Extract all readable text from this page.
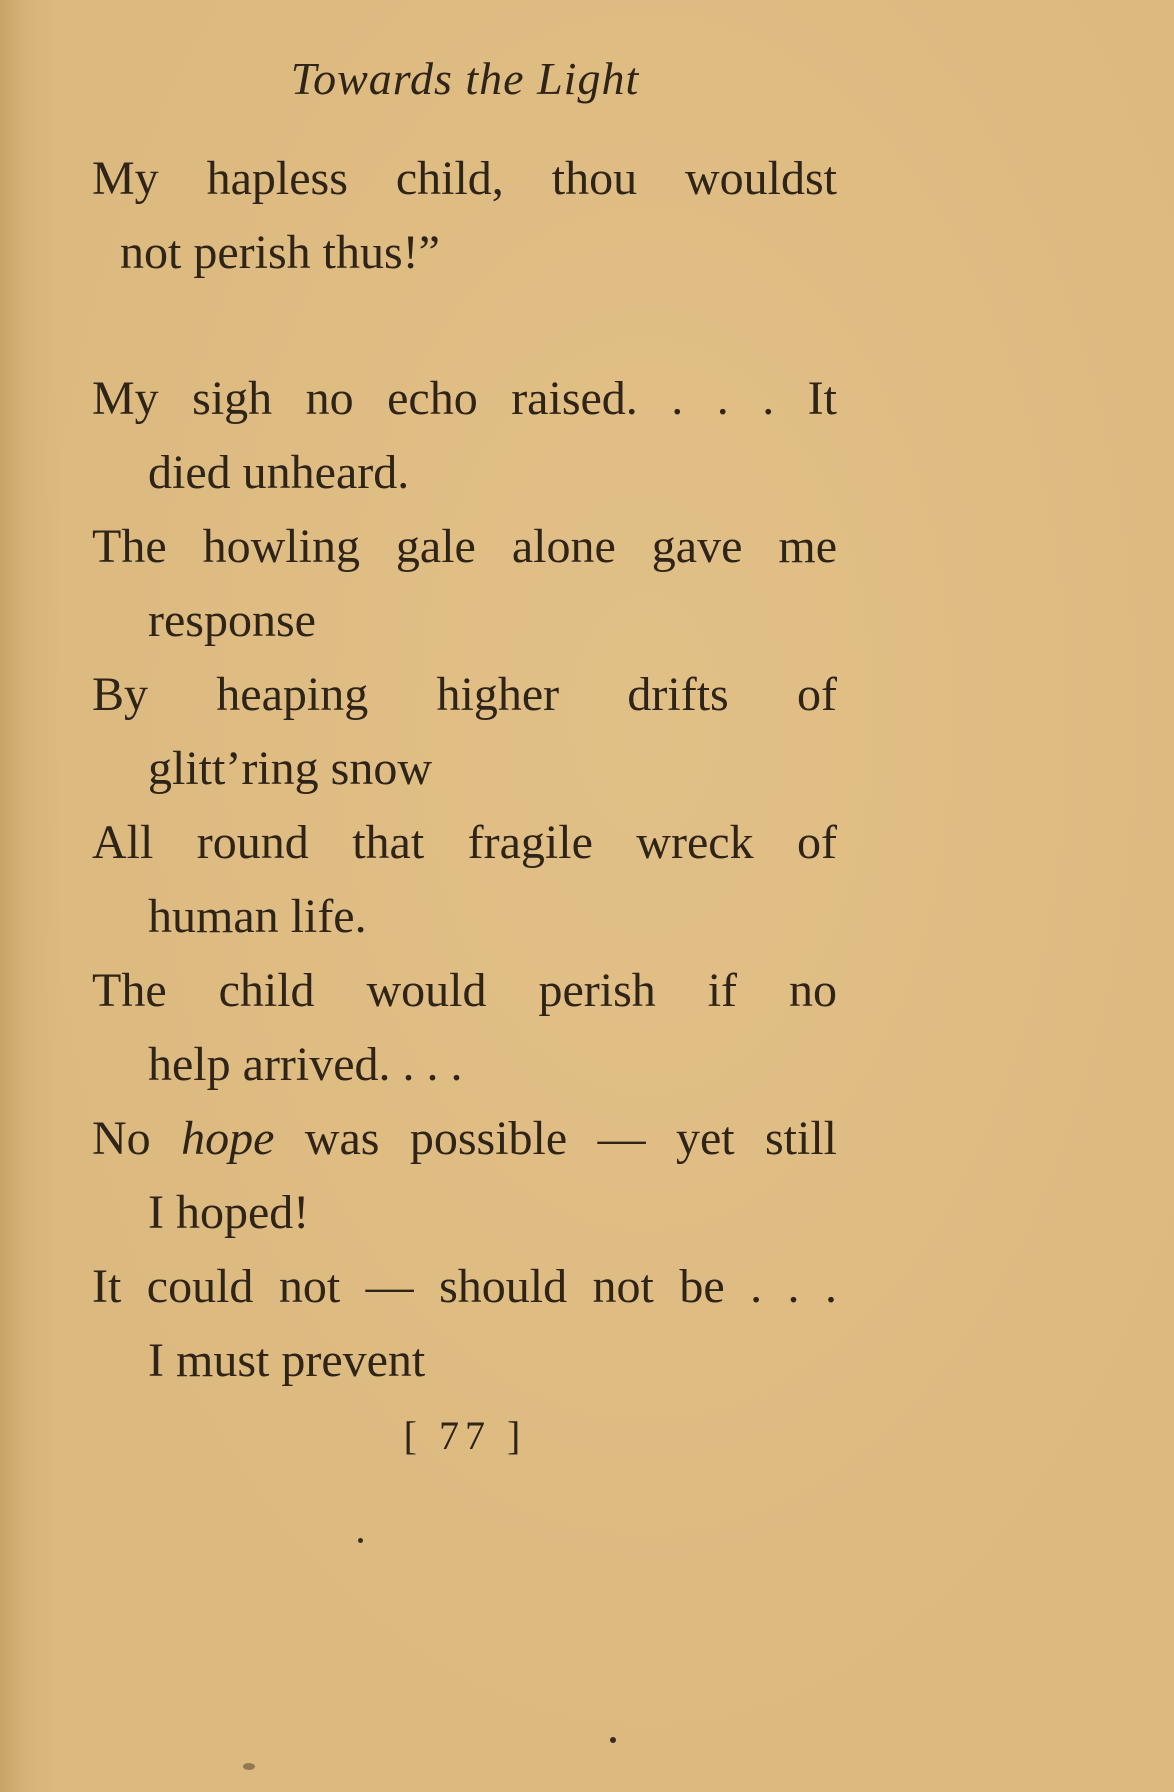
Towards the Light
My hapless child, thou wouldst
not perish thus!”
My sigh no echo raised. . . . It
died unheard.
The howling gale alone gave me
response
By heaping higher drifts of
glitt’ring snow
All round that fragile wreck of
human life.
The child would perish if no
help arrived. . . .
No hope was possible — yet still
I hoped!
It could not — should not be . . .
I must prevent
[ 77 ]
